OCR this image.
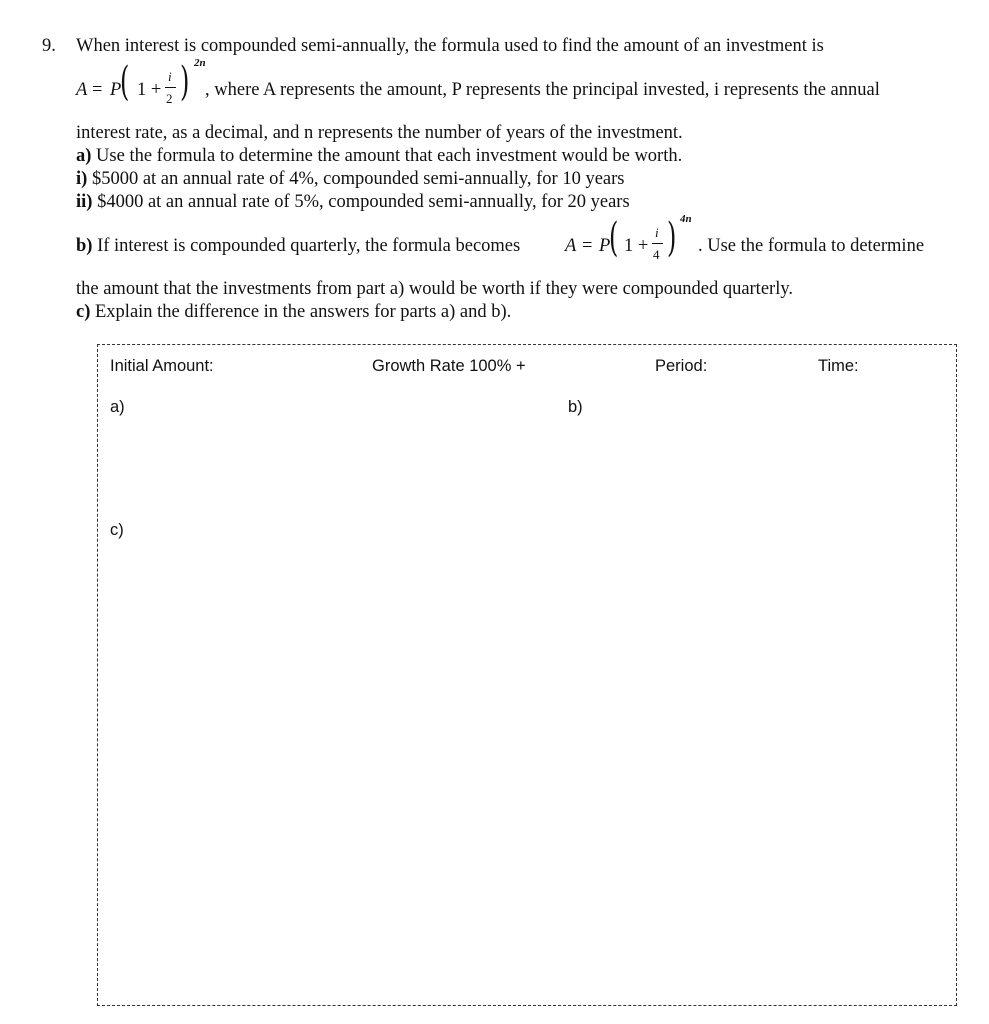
9. When interest is compounded semi-annually, the formula used to find the amount of an investment is
A = P
( 1 +
i
2 ) 2n
, where A represents the amount, P represents the principal invested, i represents the annual
interest rate, as a decimal, and n represents the number of years of the investment.
a) Use the formula to determine the amount that each investment would be worth.
i) $5000 at an annual rate of 4%, compounded semi-annually, for 10 years
ii) $4000 at an annual rate of 5%, compounded semi-annually, for 20 years
b) If interest is compounded quarterly, the formula becomes A = P
( 1 +
i
4 ) 4n
. Use the formula to determine
the amount that the investments from part a) would be worth if they were compounded quarterly.
c) Explain the difference in the answers for parts a) and b).
Initial Amount:	Growth Rate 100% +	Period:	Time:
a)	b)
c)
